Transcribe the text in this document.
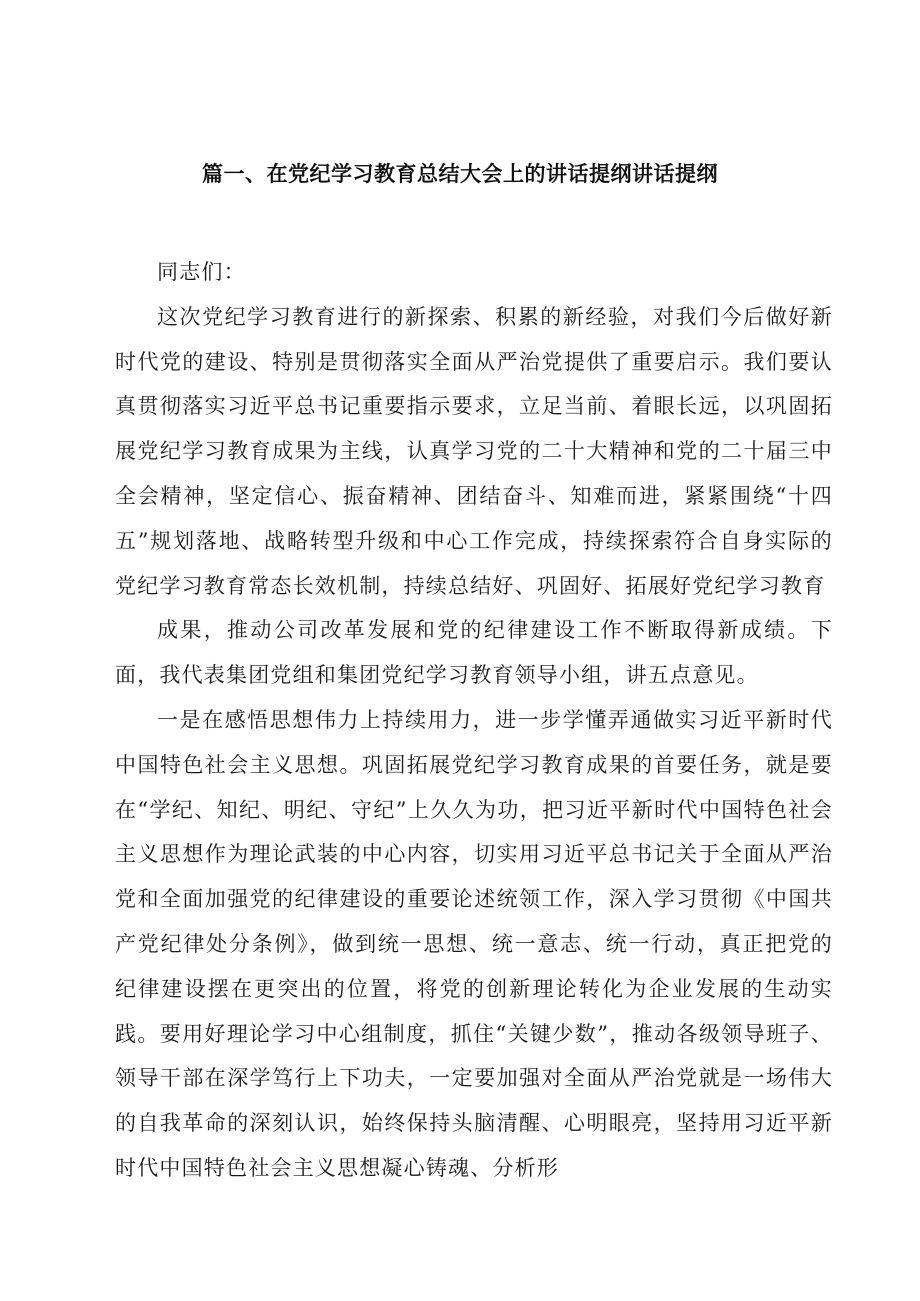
篇一、在党纪学习教育总结大会上的讲话提纲讲话提纲

同志们：

这次党纪学习教育进行的新探索、积累的新经验，对我们今后做好新时代党的建设、特别是贯彻落实全面从严治党提供了重要启示。我们要认真贯彻落实习近平总书记重要指示要求，立足当前、着眼长远，以巩固拓展党纪学习教育成果为主线，认真学习党的二十大精神和党的二十届三中全会精神，坚定信心、振奋精神、团结奋斗、知难而进，紧紧围绕“十四五”规划落地、战略转型升级和中心工作完成，持续探索符合自身实际的党纪学习教育常态长效机制，持续总结好、巩固好、拓展好党纪学习教育

成果，推动公司改革发展和党的纪律建设工作不断取得新成绩。下面，我代表集团党组和集团党纪学习教育领导小组，讲五点意见。

一是在感悟思想伟力上持续用力，进一步学懂弄通做实习近平新时代中国特色社会主义思想。巩固拓展党纪学习教育成果的首要任务，就是要在“学纪、知纪、明纪、守纪”上久久为功，把习近平新时代中国特色社会主义思想作为理论武装的中心内容，切实用习近平总书记关于全面从严治党和全面加强党的纪律建设的重要论述统领工作，深入学习贯彻《中国共产党纪律处分条例》，做到统一思想、统一意志、统一行动，真正把党的纪律建设摆在更突出的位置，将党的创新理论转化为企业发展的生动实践。要用好理论学习中心组制度，抓住“关键少数”，推动各级领导班子、领导干部在深学笃行上下功夫，一定要加强对全面从严治党就是一场伟大的自我革命的深刻认识，始终保持头脑清醒、心明眼亮，坚持用习近平新时代中国特色社会主义思想凝心铸魂、分析形
